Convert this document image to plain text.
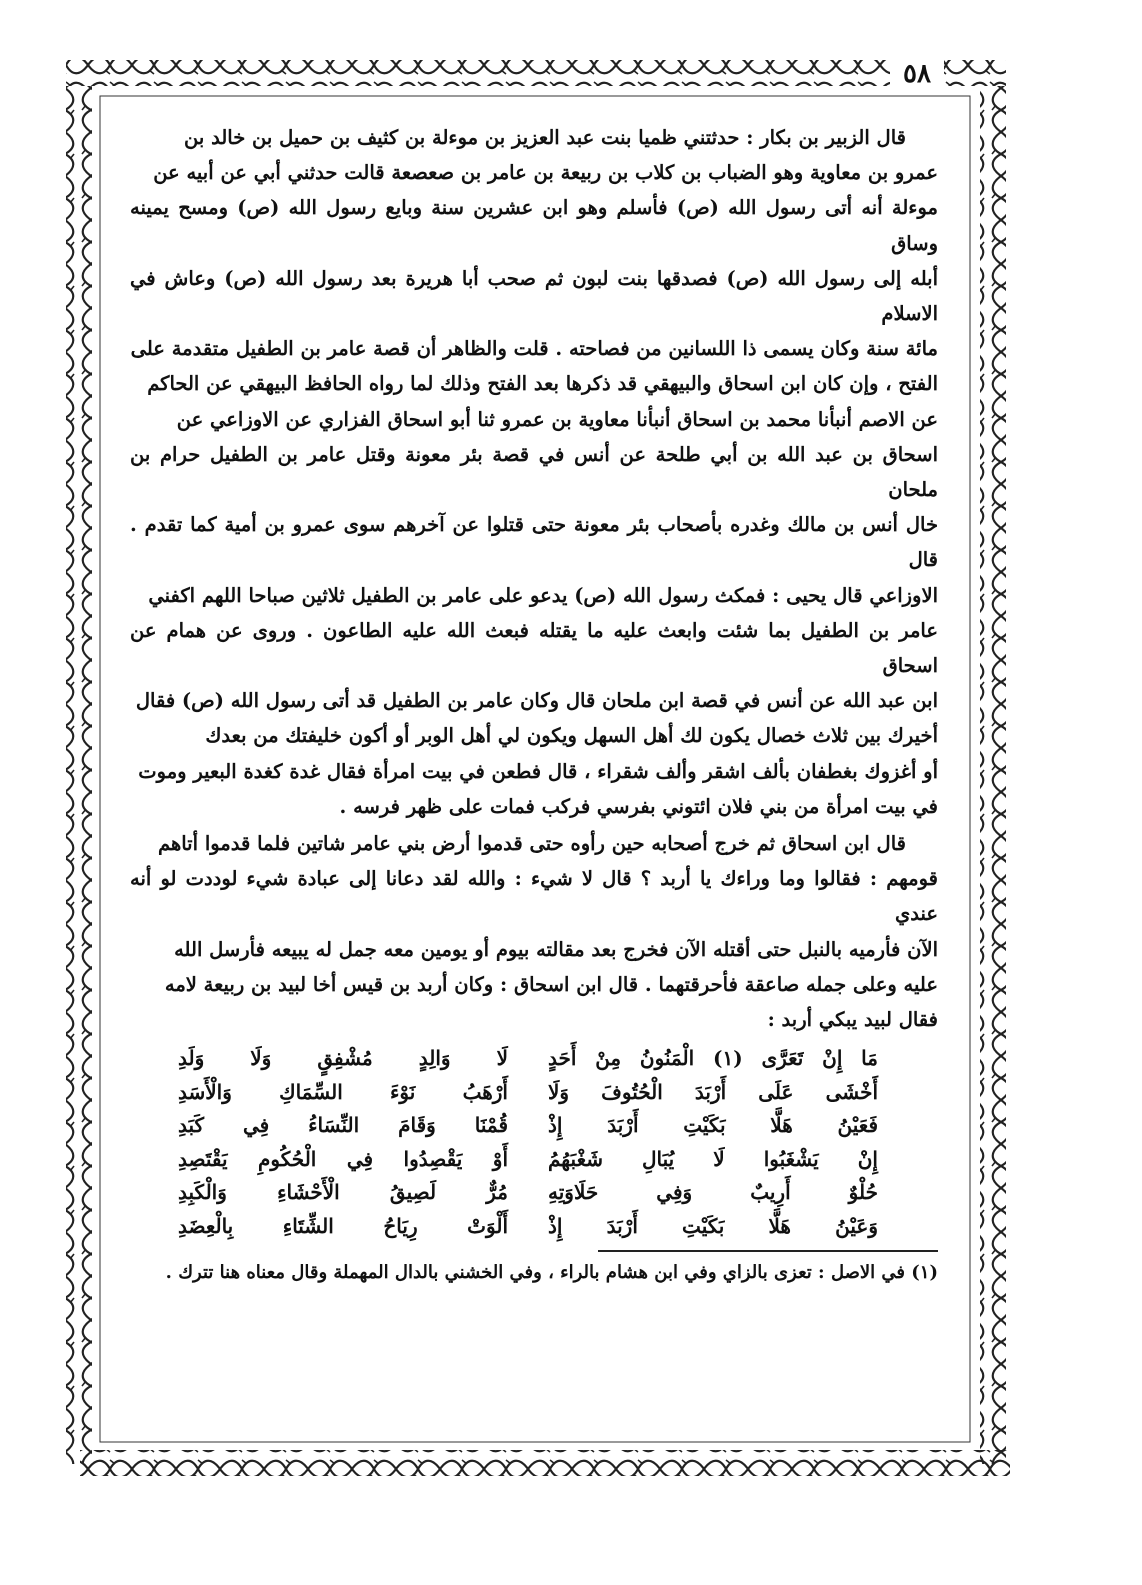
٥٨

قال الزبير بن بكار : حدثتني ظميا بنت عبد العزيز بن موءلة بن كثيف بن حميل بن خالد بن

عمرو بن معاوية وهو الضباب بن كلاب بن ربيعة بن عامر بن صعصعة قالت حدثني أبي عن أبيه عن

موءلة أنه أتى رسول الله (ص) فأسلم وهو ابن عشرين سنة وبايع رسول الله (ص) ومسح يمينه وساق

أبله إلى رسول الله (ص) فصدقها بنت لبون ثم صحب أبا هريرة بعد رسول الله (ص) وعاش في الاسلام

مائة سنة وكان يسمى ذا اللسانين من فصاحته . قلت والظاهر أن قصة عامر بن الطفيل متقدمة على

الفتح ، وإن كان ابن اسحاق والبيهقي قد ذكرها بعد الفتح وذلك لما رواه الحافظ البيهقي عن الحاكم

عن الاصم أنبأنا محمد بن اسحاق أنبأنا معاوية بن عمرو ثنا أبو اسحاق الفزاري عن الاوزاعي عن

اسحاق بن عبد الله بن أبي طلحة عن أنس في قصة بئر معونة وقتل عامر بن الطفيل حرام بن ملحان

خال أنس بن مالك وغدره بأصحاب بئر معونة حتى قتلوا عن آخرهم سوى عمرو بن أمية كما تقدم . قال

الاوزاعي قال يحيى : فمكث رسول الله (ص) يدعو على عامر بن الطفيل ثلاثين صباحا اللهم اكفني

عامر بن الطفيل بما شئت وابعث عليه ما يقتله فبعث الله عليه الطاعون . وروى عن همام عن اسحاق

ابن عبد الله عن أنس في قصة ابن ملحان قال وكان عامر بن الطفيل قد أتى رسول الله (ص) فقال

أخيرك بين ثلاث خصال يكون لك أهل السهل ويكون لي أهل الوبر أو أكون خليفتك من بعدك

أو أغزوك بغطفان بألف اشقر وألف شقراء ، قال فطعن في بيت امرأة فقال غدة كغدة البعير وموت

في بيت امرأة من بني فلان ائتوني بفرسي فركب فمات على ظهر فرسه .

قال ابن اسحاق ثم خرج أصحابه حين رأوه حتى قدموا أرض بني عامر شاتين فلما قدموا أتاهم

قومهم : فقالوا وما وراءك يا أربد ؟ قال لا شيء : والله لقد دعانا إلى عبادة شيء لوددت لو أنه عندي

الآن فأرميه بالنبل حتى أقتله الآن فخرج بعد مقالته بيوم أو يومين معه جمل له يبيعه فأرسل الله

عليه وعلى جمله صاعقة فأحرقتهما . قال ابن اسحاق : وكان أربد بن قيس أخا لبيد بن ربيعة لامه

فقال لبيد يبكي أربد :

مَا إِنْ تَعَرَّى (١) الْمَنُونُ مِنْ أَحَدٍ
لَا وَالِدٍ مُشْفِقٍ وَلَا وَلَدِ
أَخْشَى عَلَى أَرْبَدَ الْحُتُوفَ وَلَا
أَرْهَبُ نَوْءَ السِّمَاكِ وَالْأَسَدِ
فَعَيْنُ هَلَّا بَكَيْتِ أَرْبَدَ إِذْ
قُمْنَا وَقَامَ النِّسَاءُ فِي كَبَدِ
إِنْ يَشْغَبُوا لَا يُبَالِ شَغْبَهُمُ
أَوْ يَقْصِدُوا فِي الْحُكُومِ يَقْتَصِدِ
حُلْوٌ أَرِيبٌ وَفِي حَلَاوَتِهِ
مُرٌّ لَصِيقُ الْأَحْشَاءِ وَالْكَبِدِ
وَعَيْنُ هَلَّا بَكَيْتِ أَرْبَدَ إِذْ
أَلْوَتْ رِيَاحُ الشِّتَاءِ بِالْعِضَدِ
(١) في الاصل : تعزى بالزاي وفي ابن هشام بالراء ، وفي الخشني بالدال المهملة وقال معناه هنا تترك .
